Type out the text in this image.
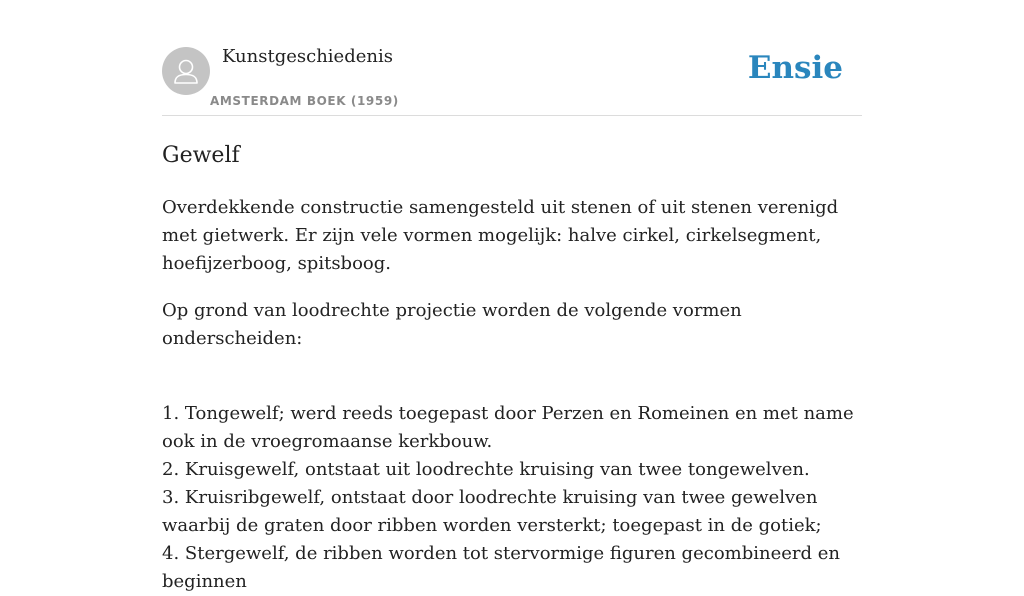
Kunstgeschiedenis
AMSTERDAM BOEK (1959)
Ensie
Gewelf

Overdekkende constructie samengesteld uit stenen of uit stenen verenigd met gietwerk. Er zijn vele vormen mogelijk: halve cirkel, cirkelsegment, hoefijzerboog, spitsboog.

Op grond van loodrechte projectie worden de volgende vormen onderscheiden:

1. Tongewelf; werd reeds toegepast door Perzen en Romeinen en met name ook in de vroegromaanse kerkbouw.
2. Kruisgewelf, ontstaat uit loodrechte kruising van twee tongewelven.
3. Kruisribgewelf, ontstaat door loodrechte kruising van twee gewelven waarbij de graten door ribben worden versterkt; toegepast in de gotiek;
4. Stergewelf, de ribben worden tot stervormige figuren gecombineerd en beginnen
